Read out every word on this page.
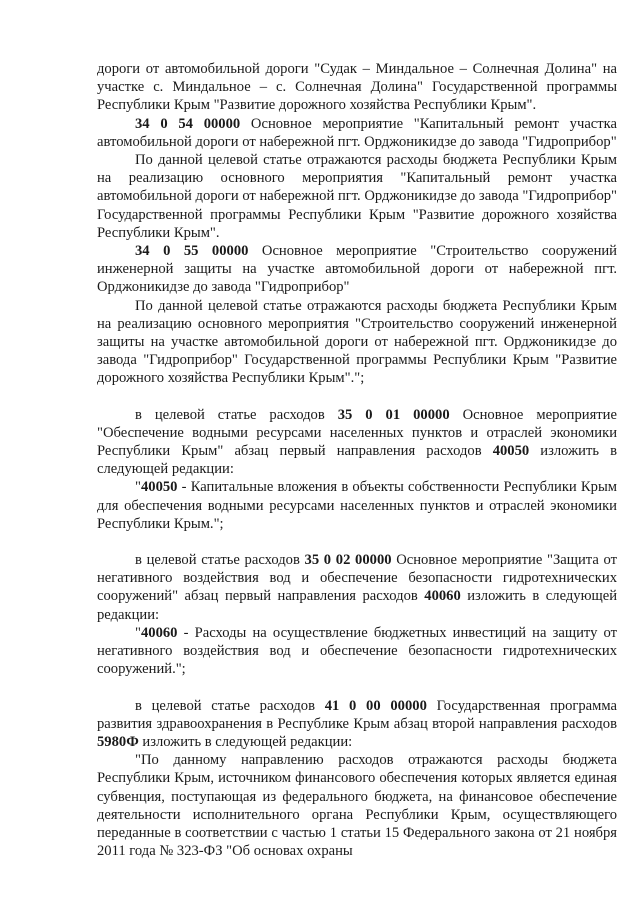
дороги от автомобильной дороги "Судак – Миндальное – Солнечная Долина" на участке с. Миндальное – с. Солнечная Долина" Государственной программы Республики Крым "Развитие дорожного хозяйства Республики Крым".

34 0 54 00000 Основное мероприятие "Капитальный ремонт участка автомобильной дороги от набережной пгт. Орджоникидзе до завода "Гидроприбор"

По данной целевой статье отражаются расходы бюджета Республики Крым на реализацию основного мероприятия "Капитальный ремонт участка автомобильной дороги от набережной пгт. Орджоникидзе до завода "Гидроприбор" Государственной программы Республики Крым "Развитие дорожного хозяйства Республики Крым".

34 0 55 00000 Основное мероприятие "Строительство сооружений инженерной защиты на участке автомобильной дороги от набережной пгт. Орджоникидзе до завода "Гидроприбор"

По данной целевой статье отражаются расходы бюджета Республики Крым на реализацию основного мероприятия "Строительство сооружений инженерной защиты на участке автомобильной дороги от набережной пгт. Орджоникидзе до завода "Гидроприбор" Государственной программы Республики Крым "Развитие дорожного хозяйства Республики Крым".";

в целевой статье расходов 35 0 01 00000 Основное мероприятие "Обеспечение водными ресурсами населенных пунктов и отраслей экономики Республики Крым" абзац первый направления расходов 40050 изложить в следующей редакции:

"40050 - Капитальные вложения в объекты собственности Республики Крым для обеспечения водными ресурсами населенных пунктов и отраслей экономики Республики Крым.";

в целевой статье расходов 35 0 02 00000 Основное мероприятие "Защита от негативного воздействия вод и обеспечение безопасности гидротехнических сооружений" абзац первый направления расходов 40060 изложить в следующей редакции:

"40060 - Расходы на осуществление бюджетных инвестиций на защиту от негативного воздействия вод и обеспечение безопасности гидротехнических сооружений.";

в целевой статье расходов 41 0 00 00000 Государственная программа развития здравоохранения в Республике Крым абзац второй направления расходов 5980Ф изложить в следующей редакции:

"По данному направлению расходов отражаются расходы бюджета Республики Крым, источником финансового обеспечения которых является единая субвенция, поступающая из федерального бюджета, на финансовое обеспечение деятельности исполнительного органа Республики Крым, осуществляющего переданные в соответствии с частью 1 статьи 15 Федерального закона от 21 ноября 2011 года № 323-ФЗ "Об основах охраны
